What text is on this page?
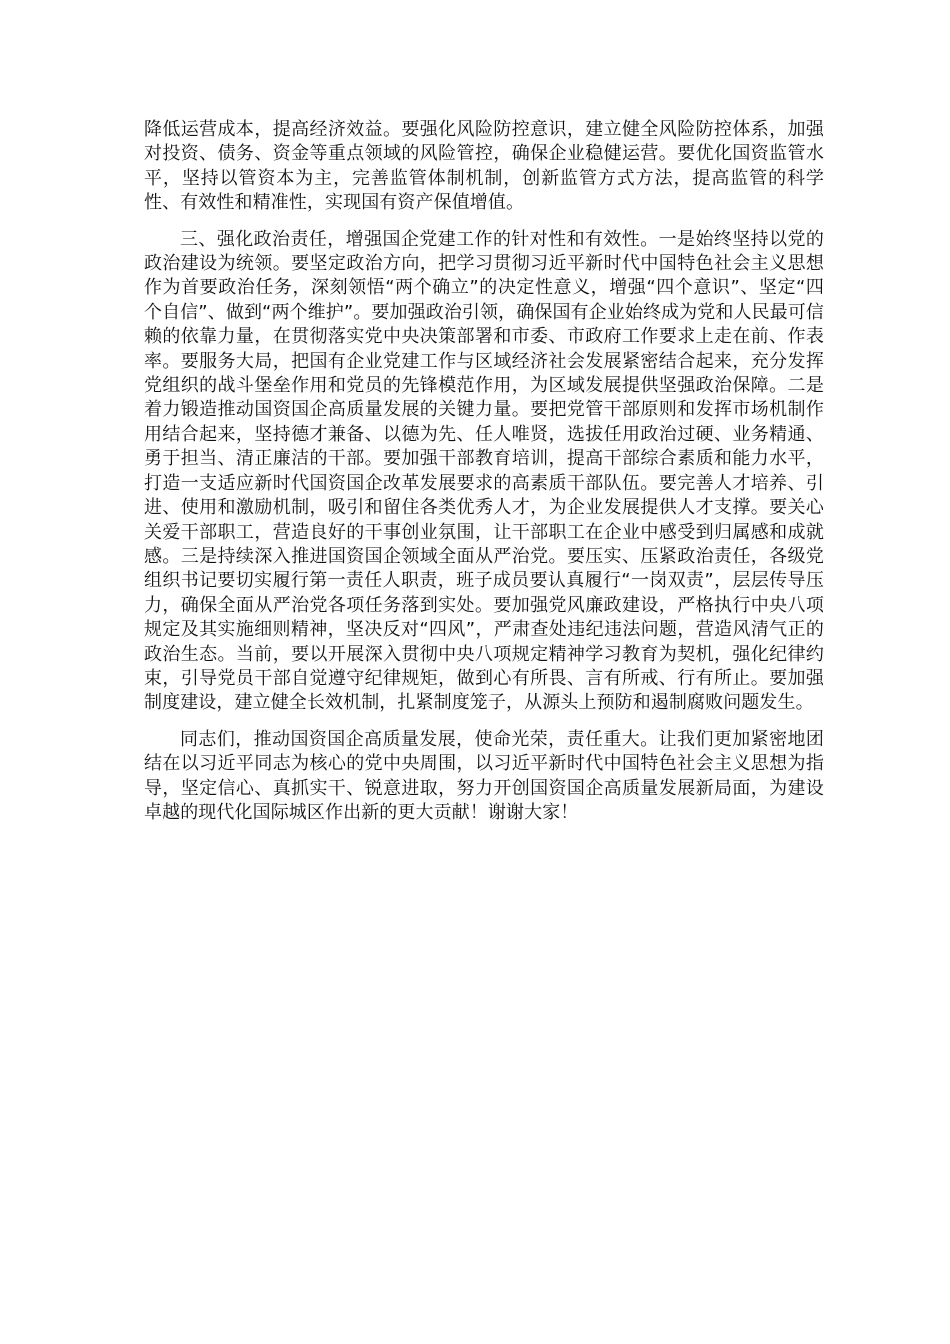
降低运营成本，提高经济效益。要强化风险防控意识，建立健全风险防控体系，加强对投资、债务、资金等重点领域的风险管控，确保企业稳健运营。要优化国资监管水平，坚持以管资本为主，完善监管体制机制，创新监管方式方法，提高监管的科学性、有效性和精准性，实现国有资产保值增值。

三、强化政治责任，增强国企党建工作的针对性和有效性。一是始终坚持以党的政治建设为统领。要坚定政治方向，把学习贯彻习近平新时代中国特色社会主义思想作为首要政治任务，深刻领悟“两个确立”的决定性意义，增强“四个意识”、坚定“四个自信”、做到“两个维护”。要加强政治引领，确保国有企业始终成为党和人民最可信赖的依靠力量，在贯彻落实党中央决策部署和市委、市政府工作要求上走在前、作表率。要服务大局，把国有企业党建工作与区域经济社会发展紧密结合起来，充分发挥党组织的战斗堡垒作用和党员的先锋模范作用，为区域发展提供坚强政治保障。二是着力锻造推动国资国企高质量发展的关键力量。要把党管干部原则和发挥市场机制作用结合起来，坚持德才兼备、以德为先、任人唯贤，选拔任用政治过硬、业务精通、勇于担当、清正廉洁的干部。要加强干部教育培训，提高干部综合素质和能力水平，打造一支适应新时代国资国企改革发展要求的高素质干部队伍。要完善人才培养、引进、使用和激励机制，吸引和留住各类优秀人才，为企业发展提供人才支撑。要关心关爱干部职工，营造良好的干事创业氛围，让干部职工在企业中感受到归属感和成就感。三是持续深入推进国资国企领域全面从严治党。要压实、压紧政治责任，各级党组织书记要切实履行第一责任人职责，班子成员要认真履行“一岗双责”，层层传导压力，确保全面从严治党各项任务落到实处。要加强党风廉政建设，严格执行中央八项规定及其实施细则精神，坚决反对“四风”，严肃查处违纪违法问题，营造风清气正的政治生态。当前，要以开展深入贯彻中央八项规定精神学习教育为契机，强化纪律约束，引导党员干部自觉遵守纪律规矩，做到心有所畏、言有所戒、行有所止。要加强制度建设，建立健全长效机制，扎紧制度笼子，从源头上预防和遏制腐败问题发生。

同志们，推动国资国企高质量发展，使命光荣，责任重大。让我们更加紧密地团结在以习近平同志为核心的党中央周围，以习近平新时代中国特色社会主义思想为指导，坚定信心、真抓实干、锐意进取，努力开创国资国企高质量发展新局面，为建设卓越的现代化国际城区作出新的更大贡献！谢谢大家！
